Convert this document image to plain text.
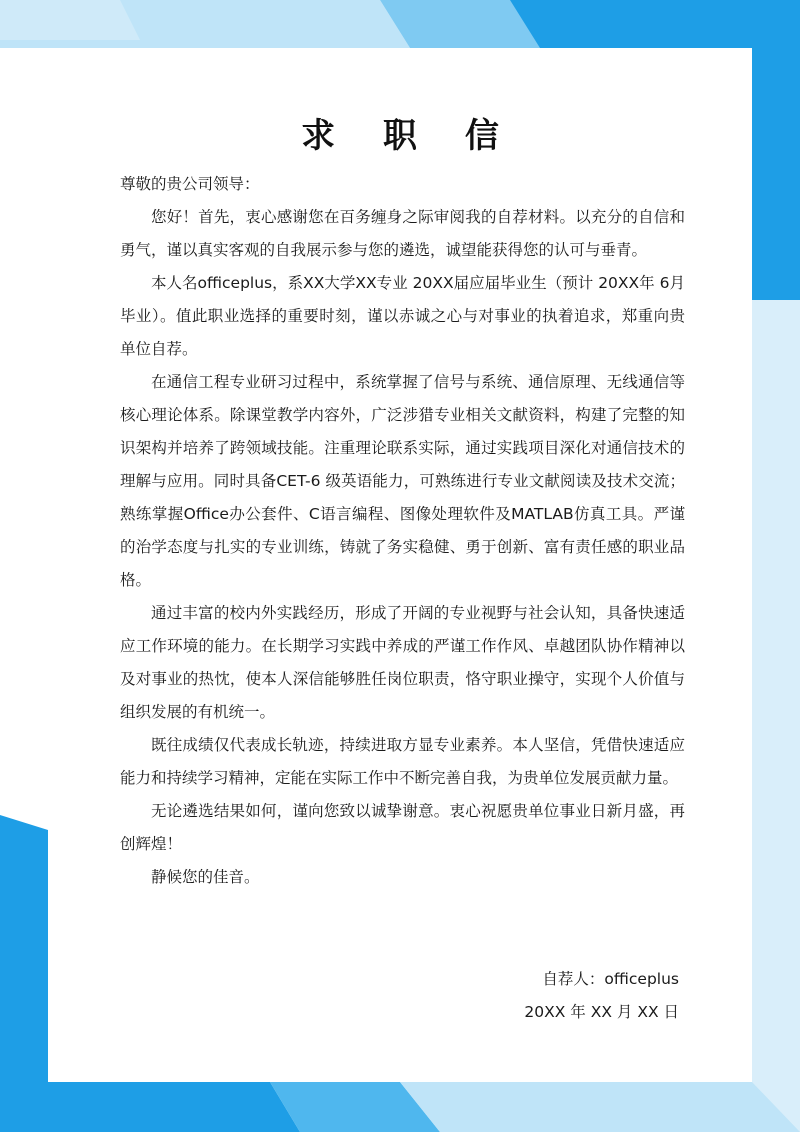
求 职 信

尊敬的贵公司领导：

您好！首先，衷心感谢您在百务缠身之际审阅我的自荐材料。以充分的自信和勇气，谨以真实客观的自我展示参与您的遴选，诚望能获得您的认可与垂青。

本人名officeplus，系XX大学XX专业 20XX届应届毕业生（预计 20XX年 6月毕业）。值此职业选择的重要时刻，谨以赤诚之心与对事业的执着追求，郑重向贵单位自荐。

在通信工程专业研习过程中，系统掌握了信号与系统、通信原理、无线通信等核心理论体系。除课堂教学内容外，广泛涉猎专业相关文献资料，构建了完整的知识架构并培养了跨领域技能。注重理论联系实际，通过实践项目深化对通信技术的理解与应用。同时具备CET-6 级英语能力，可熟练进行专业文献阅读及技术交流；熟练掌握Office办公套件、C语言编程、图像处理软件及MATLAB仿真工具。严谨的治学态度与扎实的专业训练，铸就了务实稳健、勇于创新、富有责任感的职业品格。

通过丰富的校内外实践经历，形成了开阔的专业视野与社会认知，具备快速适应工作环境的能力。在长期学习实践中养成的严谨工作作风、卓越团队协作精神以及对事业的热忱，使本人深信能够胜任岗位职责，恪守职业操守，实现个人价值与组织发展的有机统一。

既往成绩仅代表成长轨迹，持续进取方显专业素养。本人坚信，凭借快速适应能力和持续学习精神，定能在实际工作中不断完善自我，为贵单位发展贡献力量。

无论遴选结果如何，谨向您致以诚挚谢意。衷心祝愿贵单位事业日新月盛，再创辉煌！

静候您的佳音。

自荐人：officeplus
20XX 年 XX 月 XX 日
